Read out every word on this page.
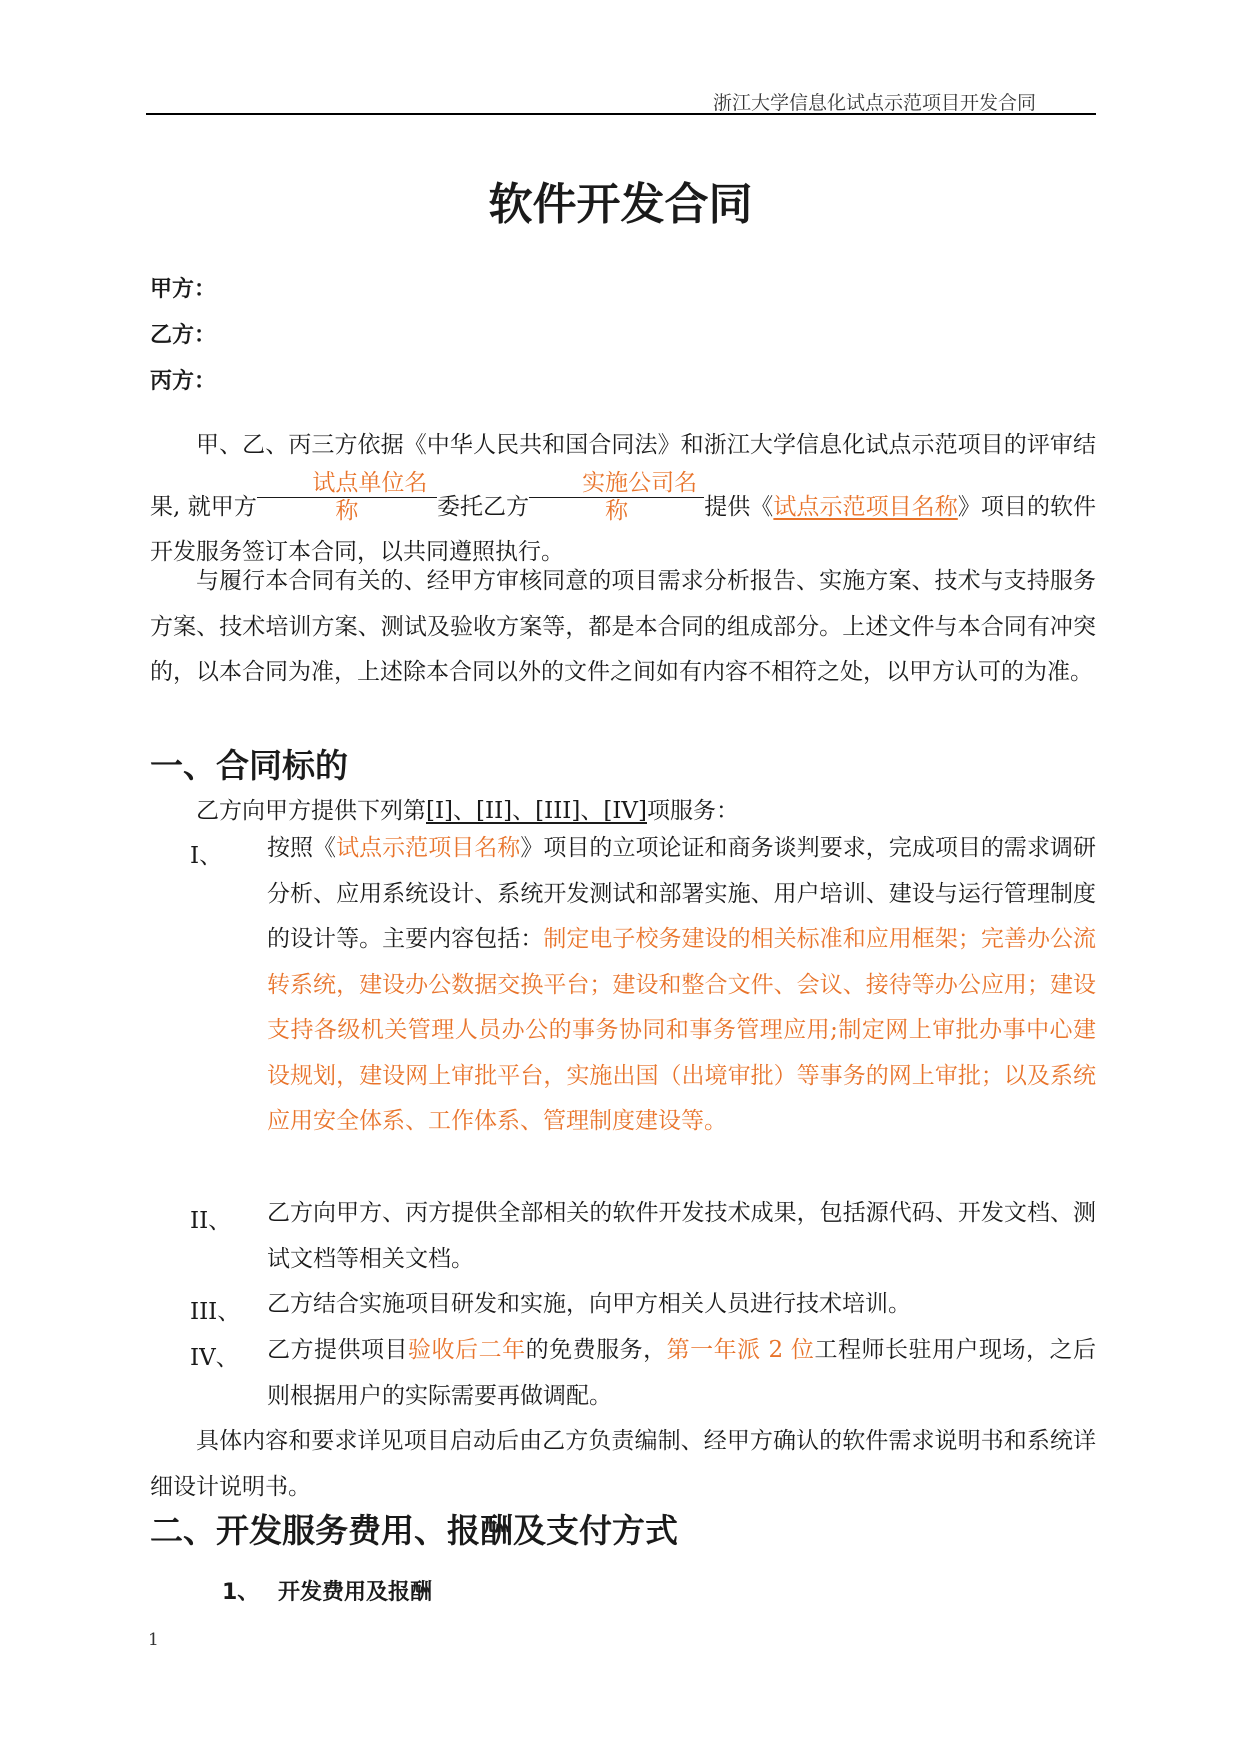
浙江大学信息化试点示范项目开发合同
软件开发合同
甲方：
乙方：
丙方：
甲、乙、丙三方依据《中华人民共和国合同法》和浙江大学信息化试点示范项目的评审结果, 就甲方试点单位名称	委托乙方实施公司名称	提供《试点示范项目名称》项目的软件开发服务签订本合同，以共同遵照执行。
与履行本合同有关的、经甲方审核同意的项目需求分析报告、实施方案、技术与支持服务方案、技术培训方案、测试及验收方案等，都是本合同的组成部分。上述文件与本合同有冲突的，以本合同为准，上述除本合同以外的文件之间如有内容不相符之处，以甲方认可的为准。
一、合同标的
乙方向甲方提供下列第[I]、[II]、[III]、[IV]项服务：
I、 按照《试点示范项目名称》项目的立项论证和商务谈判要求，完成项目的需求调研分析、应用系统设计、系统开发测试和部署实施、用户培训、建设与运行管理制度的设计等。主要内容包括：制定电子校务建设的相关标准和应用框架；完善办公流转系统，建设办公数据交换平台；建设和整合文件、会议、接待等办公应用；建设支持各级机关管理人员办公的事务协同和事务管理应用;制定网上审批办事中心建设规划，建设网上审批平台，实施出国（出境审批）等事务的网上审批；以及系统应用安全体系、工作体系、管理制度建设等。
II、 乙方向甲方、丙方提供全部相关的软件开发技术成果，包括源代码、开发文档、测试文档等相关文档。
III、 乙方结合实施项目研发和实施，向甲方相关人员进行技术培训。
IV、 乙方提供项目验收后二年的免费服务，第一年派 2 位工程师长驻用户现场，之后则根据用户的实际需要再做调配。
具体内容和要求详见项目启动后由乙方负责编制、经甲方确认的软件需求说明书和系统详细设计说明书。
二、开发服务费用、报酬及支付方式
1、 开发费用及报酬
1
